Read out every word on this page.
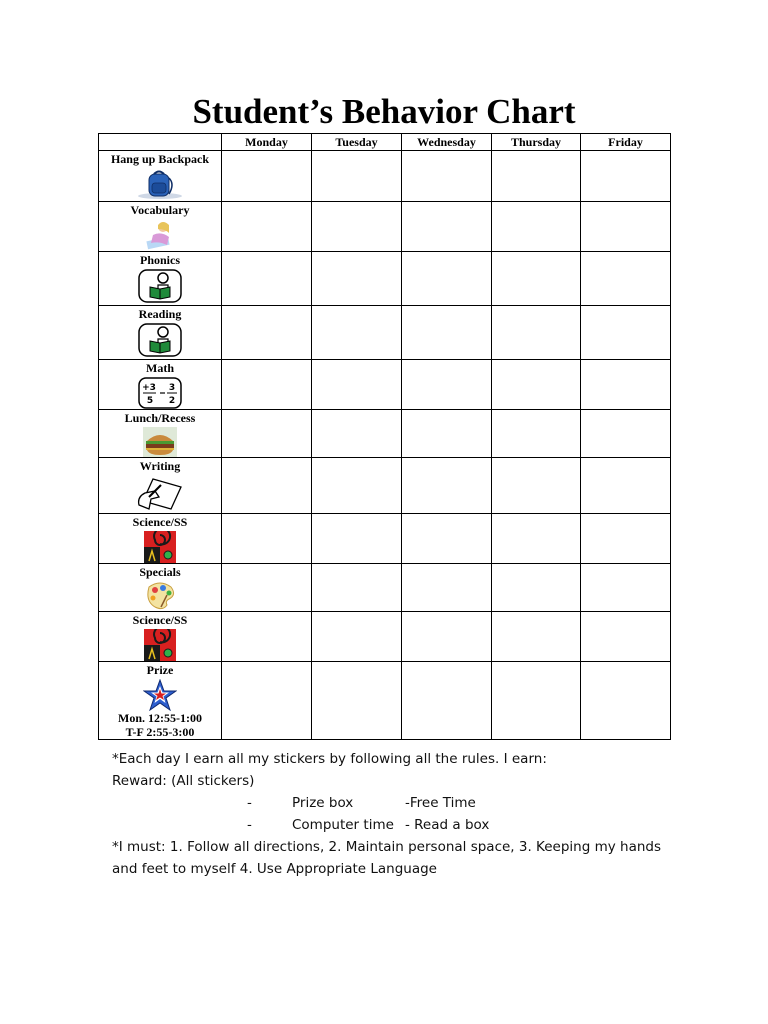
Student’s Behavior Chart
	Monday	Tuesday	Wednesday	Thursday	Friday

Hang up Backpack					

Vocabulary					

Phonics					

Reading					

Math
+3
5
3
2					

Lunch/Recess					

Writing					

Science/SS					

Specials					

Science/SS					

Prize
Mon. 12:55-1:00
T-F 2:55-3:00					

*Each day I earn all my stickers by following all the rules. I earn:

Reward: (All stickers)

-	Prize box	-Free Time
-	Computer time - Read a box

*I must: 1. Follow all directions, 2. Maintain personal space, 3. Keeping my hands and feet to myself 4. Use Appropriate Language
